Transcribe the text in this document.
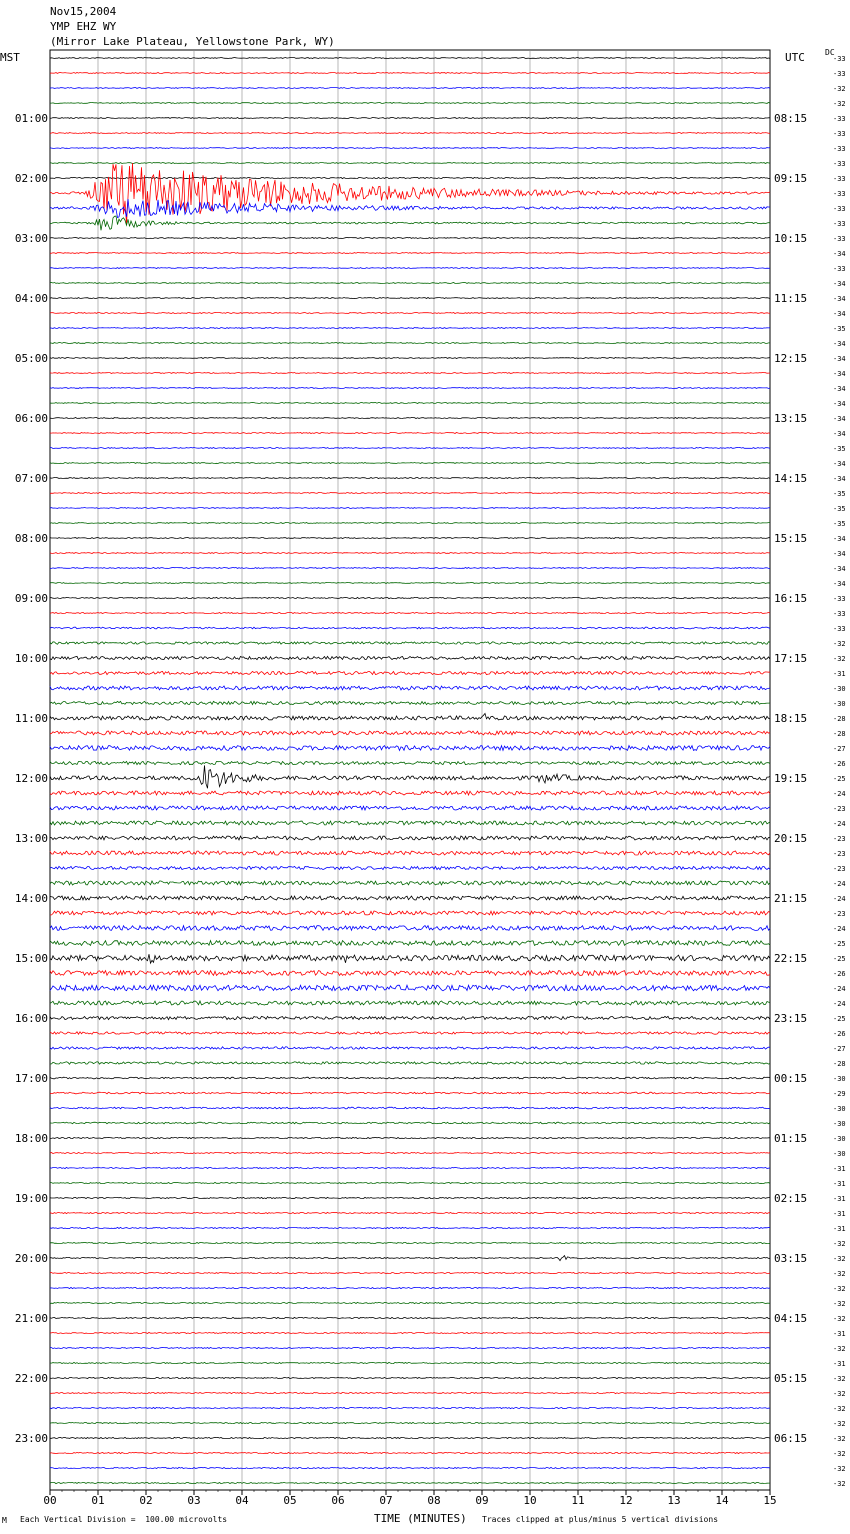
Nov15,2004
YMP EHZ WY
(Mirror Lake Plateau, Yellowstone Park, WY)
MST	UTC	DC
00	01	02	03	04	05	06	07	08	09	10	11	12	13	14	15
-33
-33
-32
-32
-33
-33
-33
-33
-33
-33
-33
-33
-33
-34
-33
-34
-34
-34
-35
-34
-34
-34
-34
-34
-34
-34
-35
-34
-34
-35
-35
-35
-34
-34
-34
-34
-33
-33
-33
-32
-32
-31
-30
-30
-28
-28
-27
-26
-25
-24
-23
-24
-23
-23
-23
-24
-24
-23
-24
-25
-25
-26
-24
-24
-25
-26
-27
-28
-30
-29
-30
-30
-30
-30
-31
-31
-31
-31
-31
-32
-32
-32
-32
-32
-32
-31
-32
-31
-32
-32
-32
-32
-32
-32
-32
-32
01:00	08:15
02:00	09:15
03:00	10:15
04:00	11:15
05:00	12:15
06:00	13:15
07:00	14:15
08:00	15:15
09:00	16:15
10:00	17:15
11:00	18:15
12:00	19:15
13:00	20:15
14:00	21:15
15:00	22:15
16:00	23:15
17:00	00:15
18:00	01:15
19:00	02:15
20:00	03:15
21:00	04:15
22:00	05:15
23:00	06:15
TIME (MINUTES)
M Each Vertical Division =  100.00 microvolts	Traces clipped at plus/minus 5 vertical divisions
